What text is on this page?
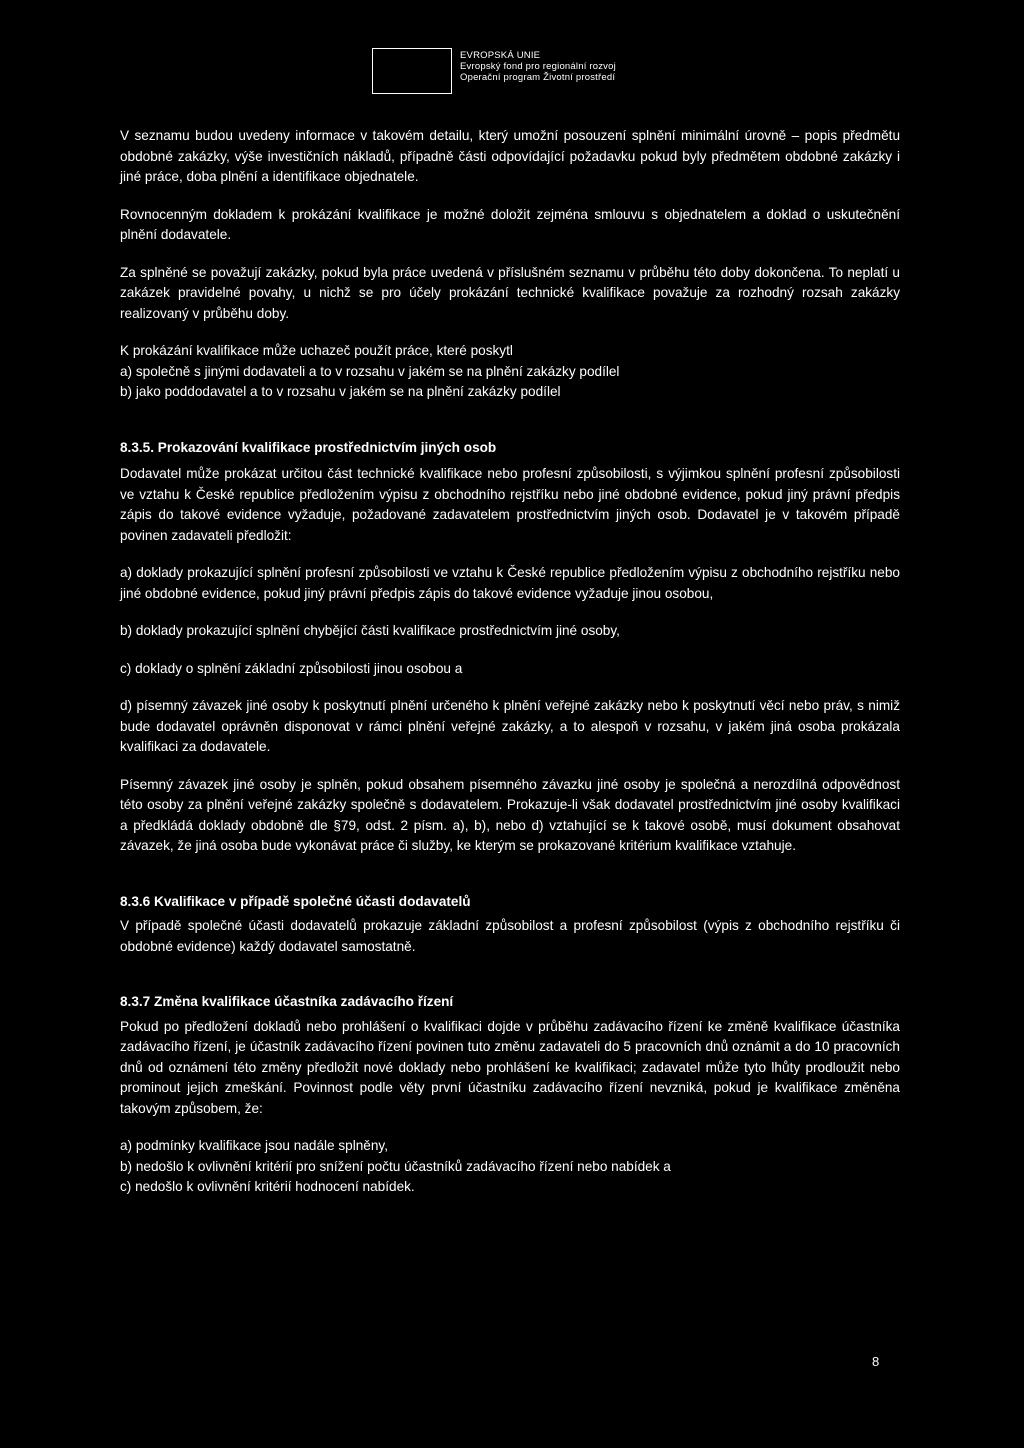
EVROPSKÁ UNIE
Evropský fond pro regionální rozvoj
Operační program Životní prostředí

V seznamu budou uvedeny informace v takovém detailu, který umožní posouzení splnění minimální úrovně – popis předmětu obdobné zakázky, výše investičních nákladů, případně části odpovídající požadavku pokud byly předmětem obdobné zakázky i jiné práce, doba plnění a identifikace objednatele.

Rovnocenným dokladem k prokázání kvalifikace je možné doložit zejména smlouvu s objednatelem a doklad o uskutečnění plnění dodavatele.

Za splněné se považují zakázky, pokud byla práce uvedená v příslušném seznamu v průběhu této doby dokončena. To neplatí u zakázek pravidelné povahy, u nichž se pro účely prokázání technické kvalifikace považuje za rozhodný rozsah zakázky realizovaný v průběhu doby.

K prokázání kvalifikace může uchazeč použít práce, které poskytl

a) společně s jinými dodavateli a to v rozsahu v jakém se na plnění zakázky podílel

b) jako poddodavatel a to v rozsahu v jakém se na plnění zakázky podílel

8.3.5. Prokazování kvalifikace prostřednictvím jiných osob

Dodavatel může prokázat určitou část technické kvalifikace nebo profesní způsobilosti, s výjimkou splnění profesní způsobilosti ve vztahu k České republice předložením výpisu z obchodního rejstříku nebo jiné obdobné evidence, pokud jiný právní předpis zápis do takové evidence vyžaduje, požadované zadavatelem prostřednictvím jiných osob. Dodavatel je v takovém případě povinen zadavateli předložit:

a) doklady prokazující splnění profesní způsobilosti ve vztahu k České republice předložením výpisu z obchodního rejstříku nebo jiné obdobné evidence, pokud jiný právní předpis zápis do takové evidence vyžaduje jinou osobou,

b) doklady prokazující splnění chybějící části kvalifikace prostřednictvím jiné osoby,

c) doklady o splnění základní způsobilosti jinou osobou a

d) písemný závazek jiné osoby k poskytnutí plnění určeného k plnění veřejné zakázky nebo k poskytnutí věcí nebo práv, s nimiž bude dodavatel oprávněn disponovat v rámci plnění veřejné zakázky, a to alespoň v rozsahu, v jakém jiná osoba prokázala kvalifikaci za dodavatele.

Písemný závazek jiné osoby je splněn, pokud obsahem písemného závazku jiné osoby je společná a nerozdílná odpovědnost této osoby za plnění veřejné zakázky společně s dodavatelem. Prokazuje-li však dodavatel prostřednictvím jiné osoby kvalifikaci a předkládá doklady obdobně dle §79, odst. 2 písm. a), b), nebo d) vztahující se k takové osobě, musí dokument obsahovat závazek, že jiná osoba bude vykonávat práce či služby, ke kterým se prokazované kritérium kvalifikace vztahuje.

8.3.6 Kvalifikace v případě společné účasti dodavatelů

V případě společné účasti dodavatelů prokazuje základní způsobilost a profesní způsobilost (výpis z obchodního rejstříku či obdobné evidence) každý dodavatel samostatně.

8.3.7 Změna kvalifikace účastníka zadávacího řízení

Pokud po předložení dokladů nebo prohlášení o kvalifikaci dojde v průběhu zadávacího řízení ke změně kvalifikace účastníka zadávacího řízení, je účastník zadávacího řízení povinen tuto změnu zadavateli do 5 pracovních dnů oznámit a do 10 pracovních dnů od oznámení této změny předložit nové doklady nebo prohlášení ke kvalifikaci; zadavatel může tyto lhůty prodloužit nebo prominout jejich zmeškání. Povinnost podle věty první účastníku zadávacího řízení nevzniká, pokud je kvalifikace změněna takovým způsobem, že:

a) podmínky kvalifikace jsou nadále splněny,

b) nedošlo k ovlivnění kritérií pro snížení počtu účastníků zadávacího řízení nebo nabídek a

c) nedošlo k ovlivnění kritérií hodnocení nabídek.

8
